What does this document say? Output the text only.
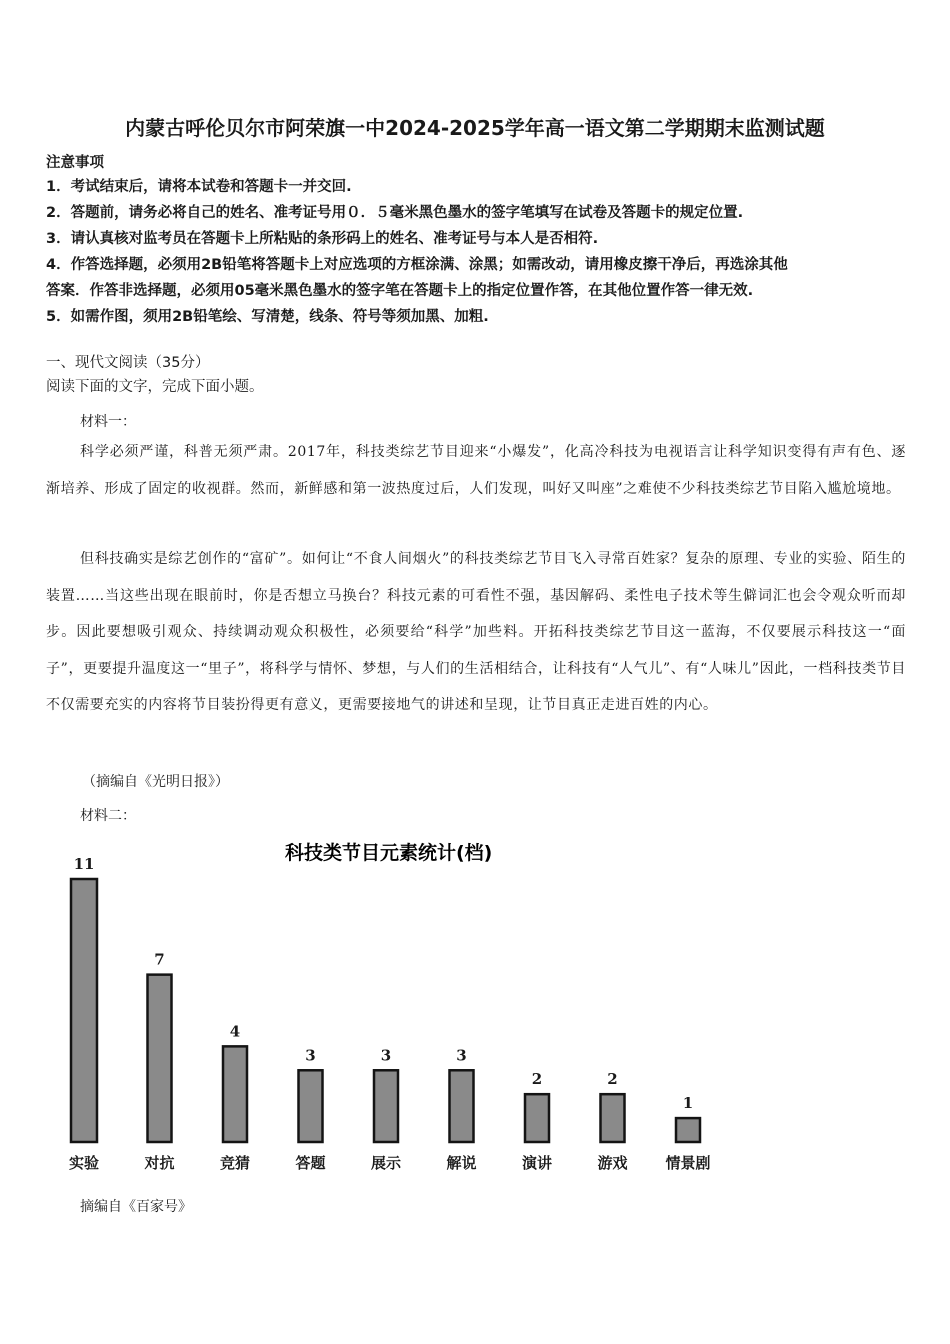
内蒙古呼伦贝尔市阿荣旗一中2024-2025学年高一语文第二学期期末监测试题
注意事项
1．考试结束后，请将本试卷和答题卡一并交回.
2．答题前，请务必将自己的姓名、准考证号用０．５毫米黑色墨水的签字笔填写在试卷及答题卡的规定位置.
3．请认真核对监考员在答题卡上所粘贴的条形码上的姓名、准考证号与本人是否相符.
4．作答选择题，必须用2B铅笔将答题卡上对应选项的方框涂满、涂黑；如需改动，请用橡皮擦干净后，再选涂其他
答案．作答非选择题，必须用05毫米黑色墨水的签字笔在答题卡上的指定位置作答，在其他位置作答一律无效.
5．如需作图，须用2B铅笔绘、写清楚，线条、符号等须加黑、加粗.
一、现代文阅读（35分）
阅读下面的文字，完成下面小题。
材料一：
科学必须严谨，科普无须严肃。2017年，科技类综艺节目迎来“小爆发”，化高冷科技为电视语言让科学知识变得有声有色、逐渐培养、形成了固定的收视群。然而，新鲜感和第一波热度过后，人们发现，叫好又叫座”之难使不少科技类综艺节目陷入尴尬境地。
但科技确实是综艺创作的“富矿”。如何让“不食人间烟火”的科技类综艺节目飞入寻常百姓家？复杂的原理、专业的实验、陌生的装置……当这些出现在眼前时，你是否想立马换台？科技元素的可看性不强，基因解码、柔性电子技术等生僻词汇也会令观众听而却步。因此要想吸引观众、持续调动观众积极性，必须要给“科学”加些料。开拓科技类综艺节目这一蓝海，不仅要展示科技这一“面子”，更要提升温度这一“里子”，将科学与情怀、梦想，与人们的生活相结合，让科技有“人气儿”、有“人味儿”因此，一档科技类节目不仅需要充实的内容将节目装扮得更有意义，更需要接地气的讲述和呈现，让节目真正走进百姓的内心。
（摘编自《光明日报》）
材料二：
科技类节目元素统计(档)
11
实验
7
对抗
4
竞猜
3
答题
3
展示
3
解说
2
演讲
2
游戏
1
情景剧
摘编自《百家号》
